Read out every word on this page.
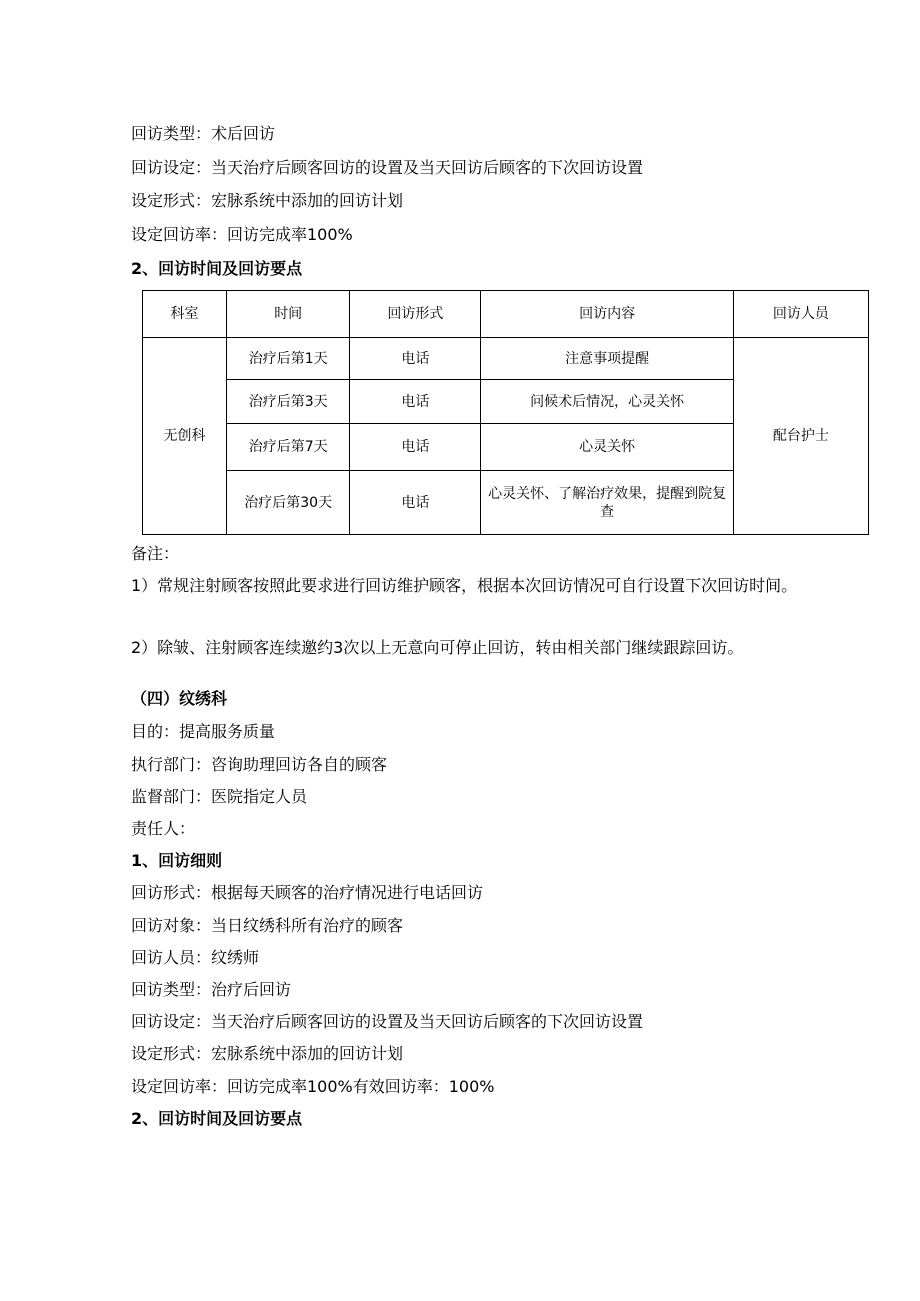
回访类型：术后回访
回访设定：当天治疗后顾客回访的设置及当天回访后顾客的下次回访设置
设定形式：宏脉系统中添加的回访计划
设定回访率：回访完成率100%
2、回访时间及回访要点
科室	时间	回访形式	回访内容	回访人员
无创科	治疗后第1天	电话	注意事项提醒	配台护士
	治疗后第3天	电话	问候术后情况，心灵关怀	
	治疗后第7天	电话	心灵关怀	
	治疗后第30天	电话	心灵关怀、了解治疗效果，提醒到院复查	
备注：
1）常规注射顾客按照此要求进行回访维护顾客，根据本次回访情况可自行设置下次回访时间。
2）除皱、注射顾客连续邀约3次以上无意向可停止回访，转由相关部门继续跟踪回访。
（四）纹绣科
目的：提高服务质量
执行部门：咨询助理回访各自的顾客
监督部门：医院指定人员
责任人：
1、回访细则
回访形式：根据每天顾客的治疗情况进行电话回访
回访对象：当日纹绣科所有治疗的顾客
回访人员：纹绣师
回访类型：治疗后回访
回访设定：当天治疗后顾客回访的设置及当天回访后顾客的下次回访设置
设定形式：宏脉系统中添加的回访计划
设定回访率：回访完成率100%有效回访率：100%
2、回访时间及回访要点
